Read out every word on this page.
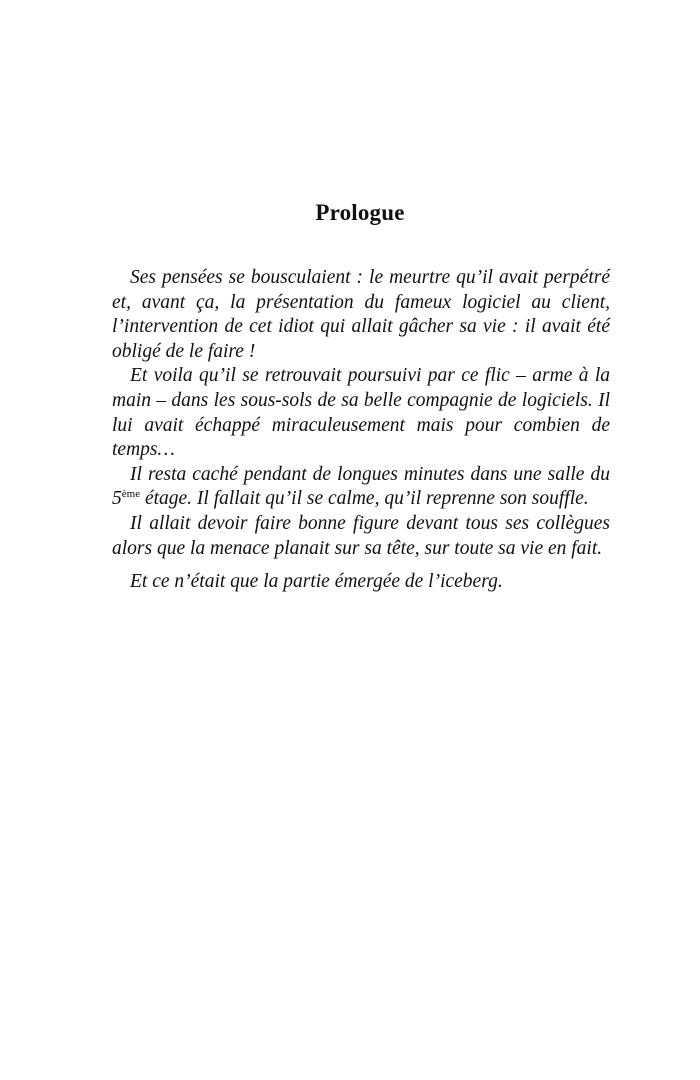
Prologue

Ses pensées se bousculaient : le meurtre qu’il avait perpétré et, avant ça, la présentation du fameux logiciel au client, l’intervention de cet idiot qui allait gâcher sa vie : il avait été obligé de le faire !

Et voila qu’il se retrouvait poursuivi par ce flic – arme à la main – dans les sous-sols de sa belle compagnie de logiciels. Il lui avait échappé miraculeusement mais pour combien de temps…

Il resta caché pendant de longues minutes dans une salle du 5ème étage. Il fallait qu’il se calme, qu’il reprenne son souffle.

Il allait devoir faire bonne figure devant tous ses collègues alors que la menace planait sur sa tête, sur toute sa vie en fait.

Et ce n’était que la partie émergée de l’iceberg.
